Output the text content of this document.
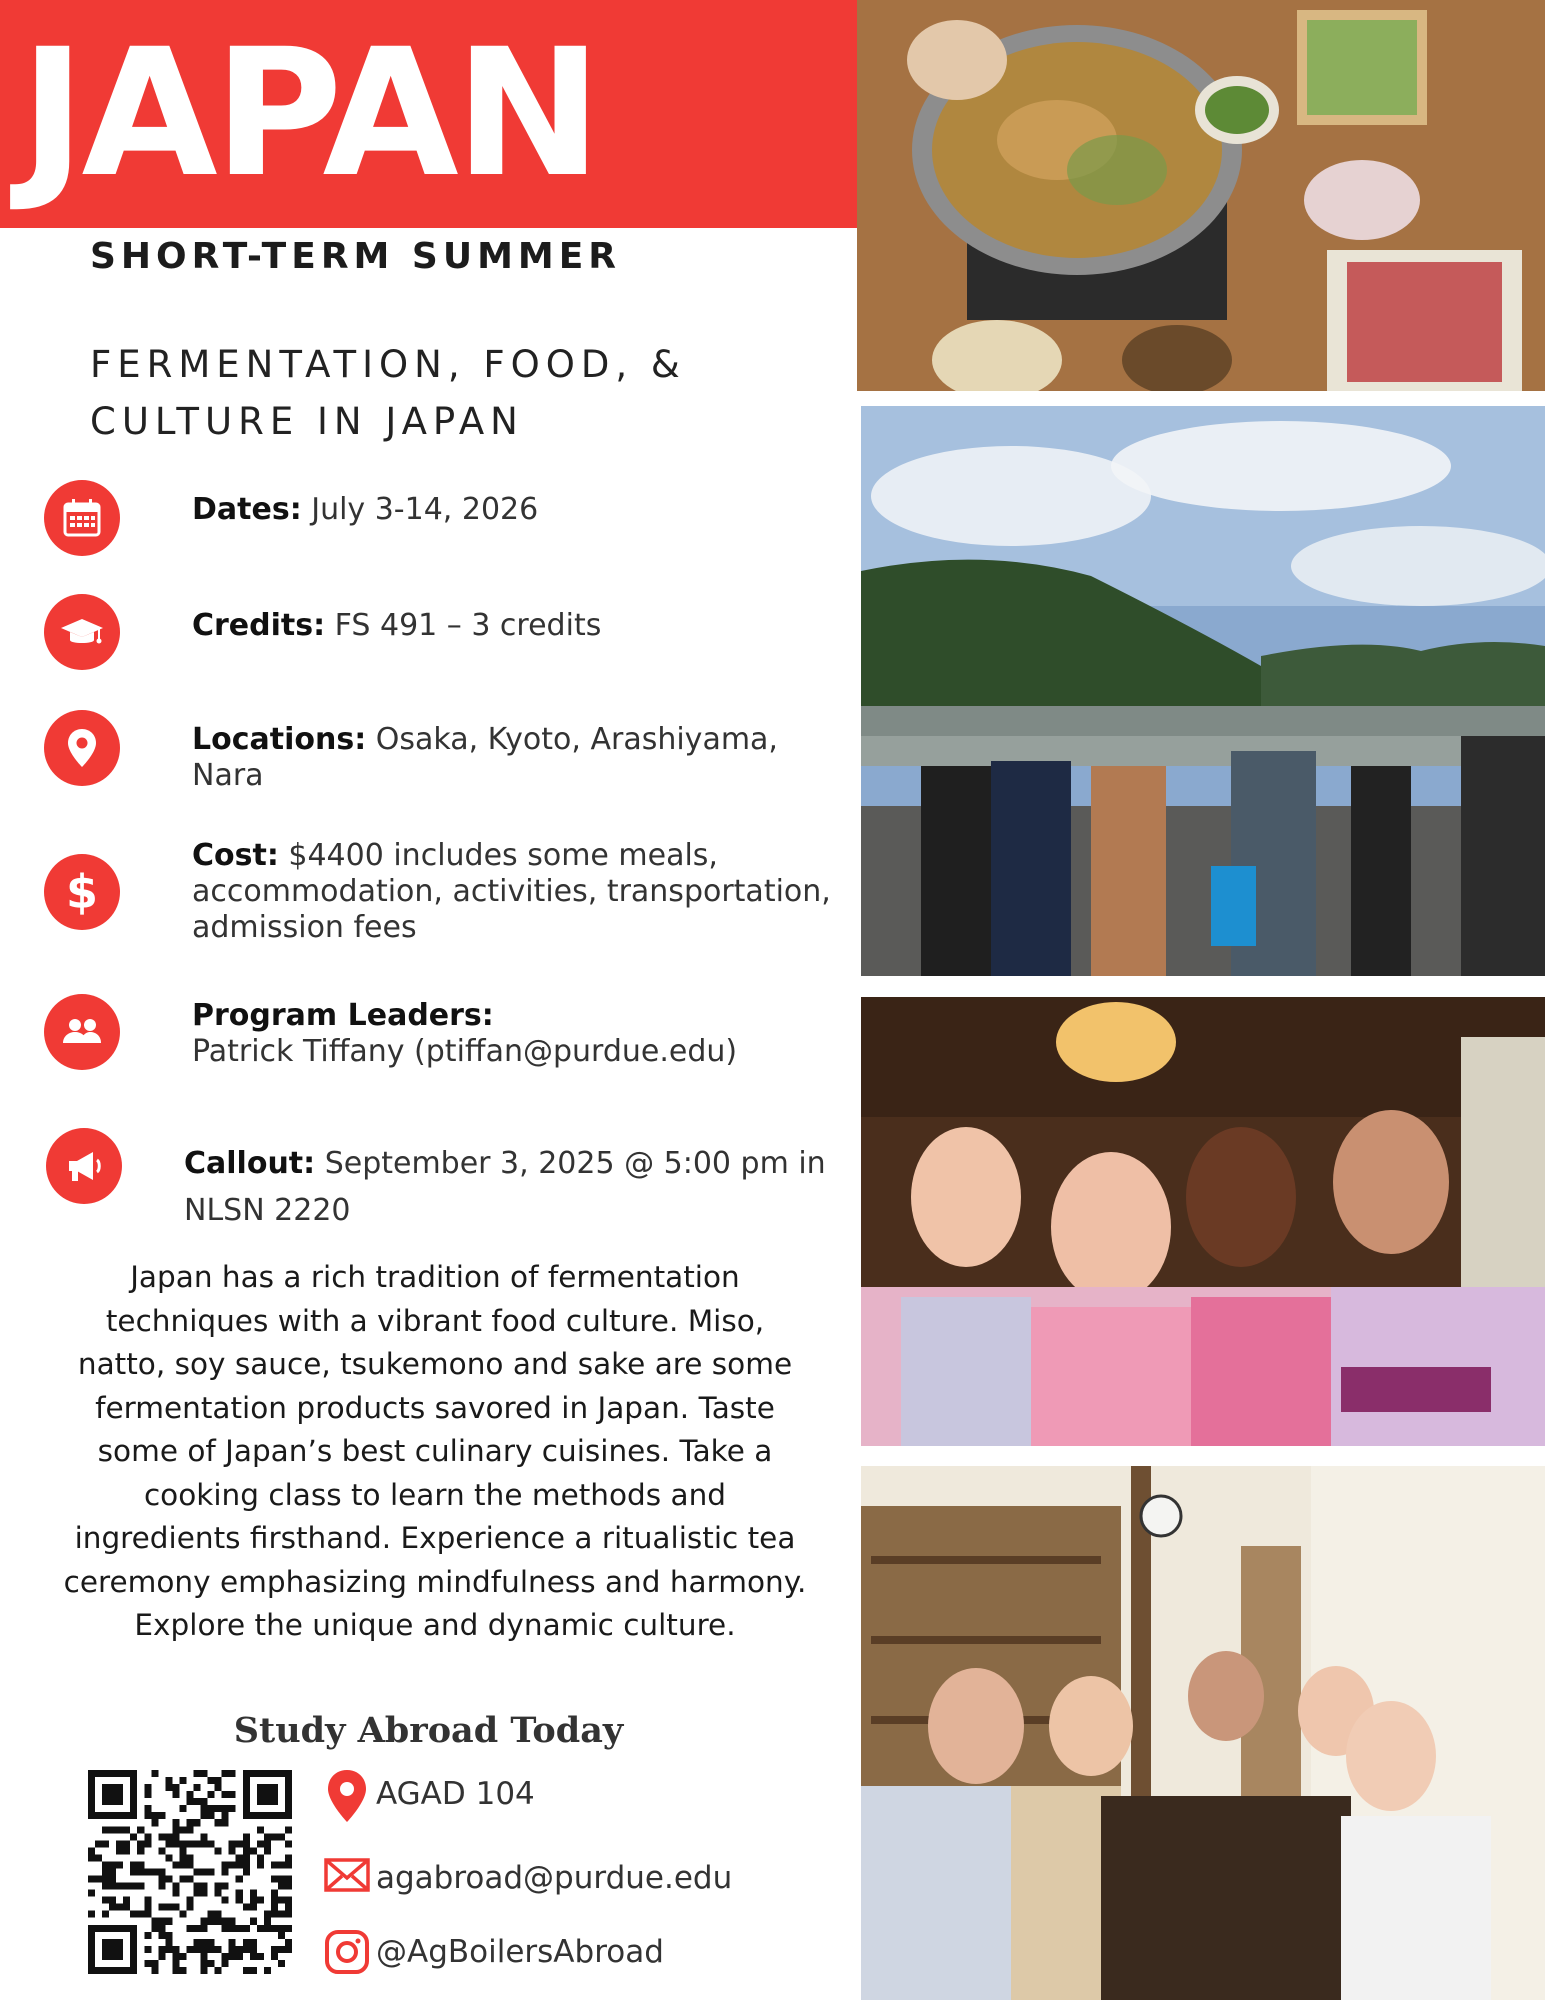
JAPAN
SHORT-TERM SUMMER
FERMENTATION, FOOD, &
CULTURE IN JAPAN
Dates: July 3-14, 2026
Credits: FS 491 – 3 credits
Locations: Osaka, Kyoto, Arashiyama,
Nara
$
Cost: $4400 includes some meals,
accommodation, activities, transportation,
admission fees
Program Leaders:
Patrick Tiffany (ptiffan@purdue.edu)
Callout: September 3, 2025 @ 5:00 pm in
NLSN 2220
Japan has a rich tradition of fermentation
techniques with a vibrant food culture. Miso,
natto, soy sauce, tsukemono and sake are some
fermentation products savored in Japan. Taste
some of Japan’s best culinary cuisines. Take a
cooking class to learn the methods and
ingredients firsthand. Experience a ritualistic tea
ceremony emphasizing mindfulness and harmony.
Explore the unique and dynamic culture.
Study Abroad Today
AGAD 104
agabroad@purdue.edu
@AgBoilersAbroad
